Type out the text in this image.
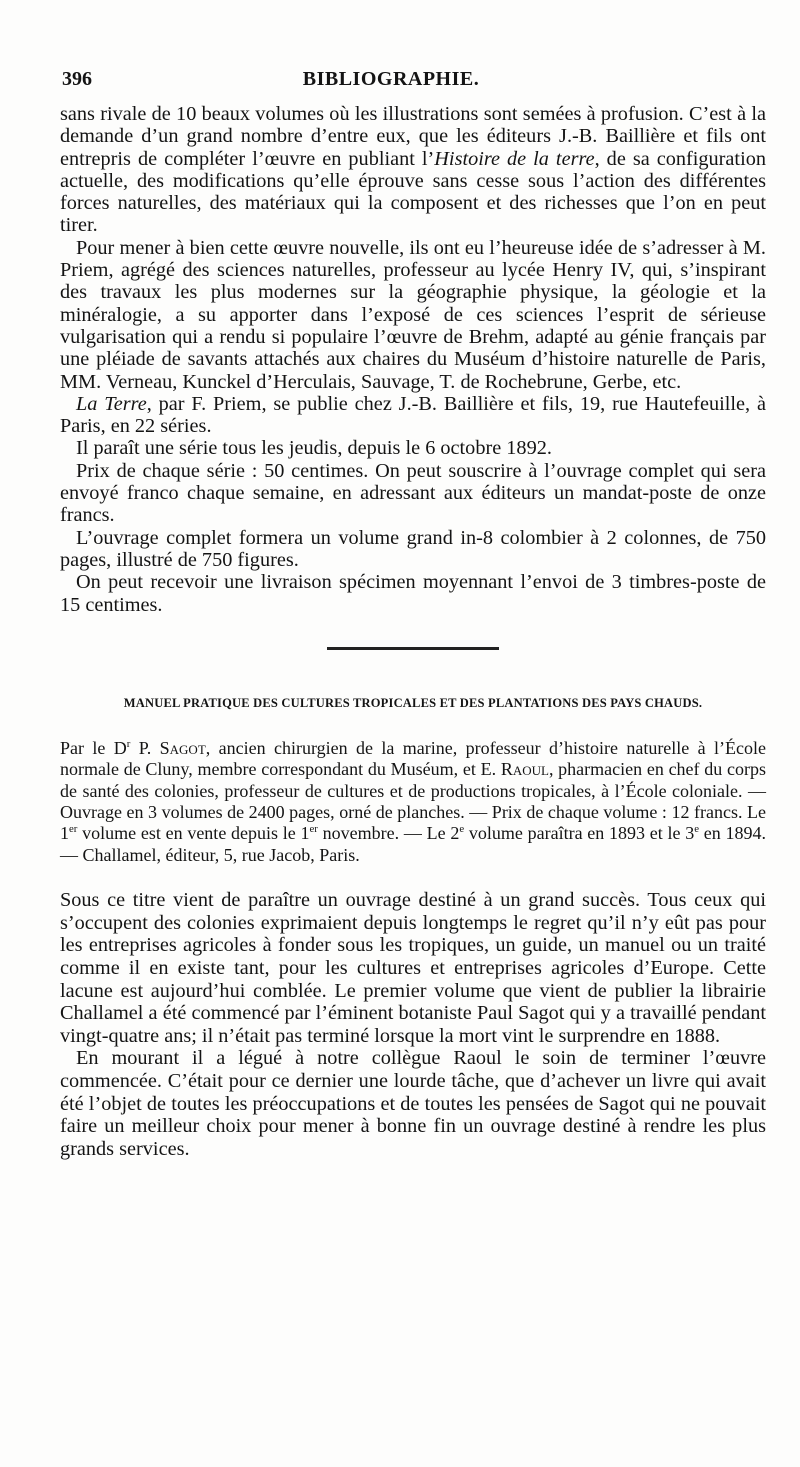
396	BIBLIOGRAPHIE.

sans rivale de 10 beaux volumes où les illustrations sont semées à profusion. C’est à la demande d’un grand nombre d’entre eux, que les éditeurs J.-B. Baillière et fils ont entrepris de compléter l’œuvre en publiant l’Histoire de la terre, de sa configuration actuelle, des modifications qu’elle éprouve sans cesse sous l’action des différentes forces naturelles, des matériaux qui la composent et des richesses que l’on en peut tirer.

Pour mener à bien cette œuvre nouvelle, ils ont eu l’heureuse idée de s’adresser à M. Priem, agrégé des sciences naturelles, professeur au lycée Henry IV, qui, s’inspirant des travaux les plus modernes sur la géographie physique, la géologie et la minéralogie, a su apporter dans l’exposé de ces sciences l’esprit de sérieuse vulgarisation qui a rendu si populaire l’œuvre de Brehm, adapté au génie français par une pléiade de savants attachés aux chaires du Muséum d’histoire naturelle de Paris, MM. Verneau, Kunckel d’Herculais, Sauvage, T. de Rochebrune, Gerbe, etc.

La Terre, par F. Priem, se publie chez J.-B. Baillière et fils, 19, rue Hautefeuille, à Paris, en 22 séries.

Il paraît une série tous les jeudis, depuis le 6 octobre 1892.

Prix de chaque série : 50 centimes. On peut souscrire à l’ouvrage complet qui sera envoyé franco chaque semaine, en adressant aux éditeurs un mandat-poste de onze francs.

L’ouvrage complet formera un volume grand in-8 colombier à 2 colonnes, de 750 pages, illustré de 750 figures.

On peut recevoir une livraison spécimen moyennant l’envoi de 3 timbres-poste de 15 centimes.

MANUEL PRATIQUE DES CULTURES TROPICALES ET DES PLANTATIONS DES PAYS CHAUDS.

Par le $D^r$ P. Sagot, ancien chirurgien de la marine, professeur d’histoire naturelle à l’École normale de Cluny, membre correspondant du Muséum, et E. Raoul, pharmacien en chef du corps de santé des colonies, professeur de cultures et de productions tropicales, à l’École coloniale. — Ouvrage en 3 volumes de 2400 pages, orné de planches. — Prix de chaque volume : 12 francs. Le 1er volume est en vente depuis le 1er novembre. — Le 2e volume paraîtra en 1893 et le 3e en 1894. — Challamel, éditeur, 5, rue Jacob, Paris.

Sous ce titre vient de paraître un ouvrage destiné à un grand succès. Tous ceux qui s’occupent des colonies exprimaient depuis longtemps le regret qu’il n’y eût pas pour les entreprises agricoles à fonder sous les tropiques, un guide, un manuel ou un traité comme il en existe tant, pour les cultures et entreprises agricoles d’Europe. Cette lacune est aujourd’hui comblée. Le premier volume que vient de publier la librairie Challamel a été commencé par l’éminent botaniste Paul Sagot qui y a travaillé pendant vingt-quatre ans; il n’était pas terminé lorsque la mort vint le surprendre en 1888.

En mourant il a légué à notre collègue Raoul le soin de terminer l’œuvre commencée. C’était pour ce dernier une lourde tâche, que d’achever un livre qui avait été l’objet de toutes les préoccupations et de toutes les pensées de Sagot qui ne pouvait faire un meilleur choix pour mener à bonne fin un ouvrage destiné à rendre les plus grands services.
